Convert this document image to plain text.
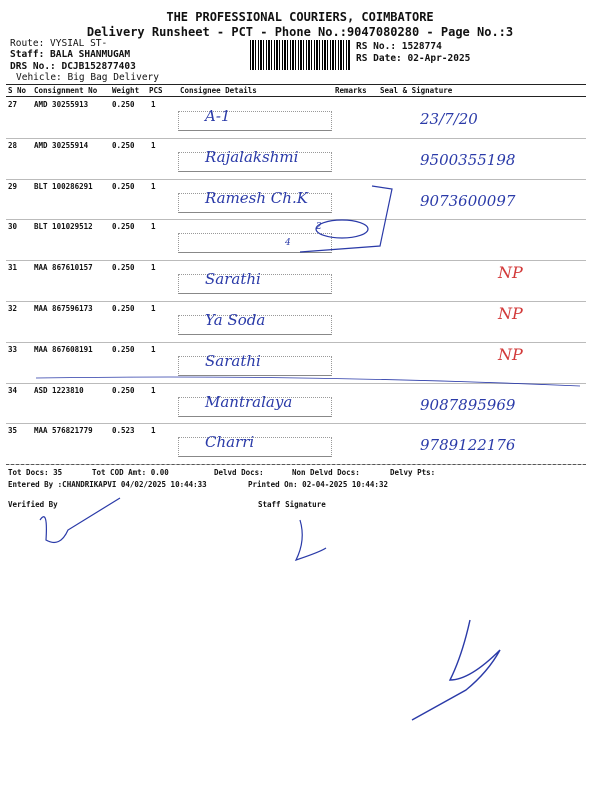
THE PROFESSIONAL COURIERS, COIMBATORE
Delivery Runsheet - PCT - Phone No.:9047080280 - Page No.:3
Route: VYSIAL ST-
Staff: BALA SHANMUGAM
DRS No.: DCJB152877403
Vehicle: Big Bag Delivery
RS No.: 1528774
RS Date: 02-Apr-2025
S No Consignment No Weight PCS Consignee Details	Remarks Seal & Signature
27 AMD 30255913	0.250 1
A-1	23/7/20
28 AMD 30255914	0.250 1
Rajalakshmi	9500355198
29 BLT 100286291	0.250 1
Ramesh Ch.K	9073600097
30 BLT 101029512	0.250 1
31 MAA 867610157	0.250 1
Sarathi	NP
32 MAA 867596173	0.250 1
Ya Soda	NP
33 MAA 867608191	0.250 1
Sarathi	NP
34 ASD 1223810	0.250 1
Mantralaya	9087895969
35 MAA 576821779	0.523 1
Charri	9789122176
2
4
Tot Docs: 35	Tot COD Amt: 0.00	Delvd Docs:	Non Delvd Docs:	Delvy Pts:
Entered By :CHANDRIKAPVI 04/02/2025 10:44:33	Printed On: 02-04-2025 10:44:32
Verified By	Staff Signature
